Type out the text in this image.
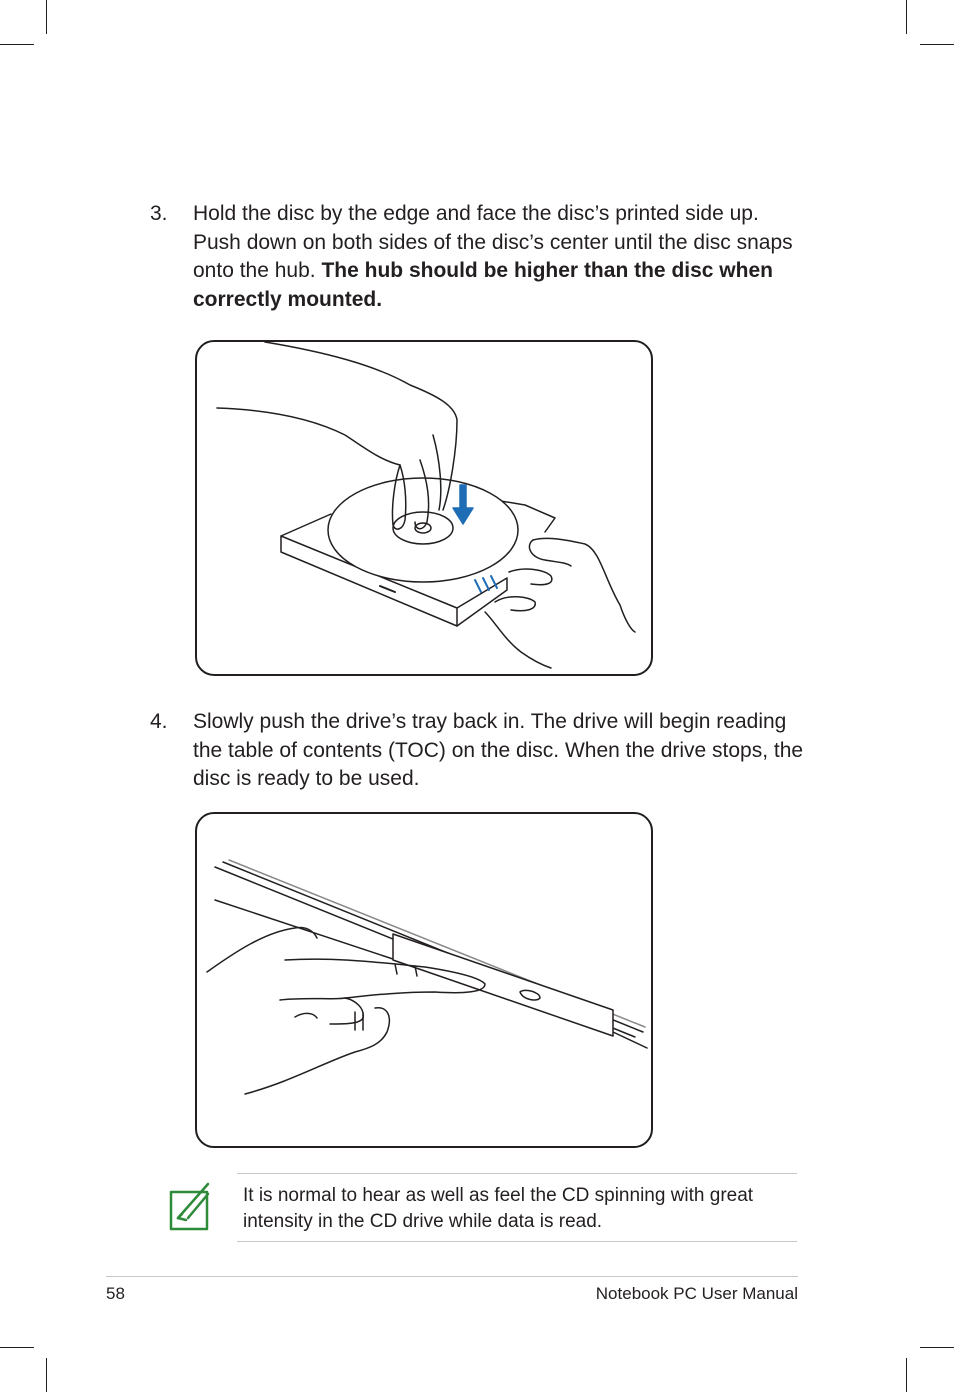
3. Hold the disc by the edge and face the disc’s printed side up. Push down on both sides of the disc’s center until the disc snaps onto the hub. The hub should be higher than the disc when correctly mounted.
4. Slowly push the drive’s tray back in. The drive will begin reading the table of contents (TOC) on the disc. When the drive stops, the disc is ready to be used.
It is normal to hear as well as feel the CD spinning with great intensity in the CD drive while data is read.
58	Notebook PC User Manual
